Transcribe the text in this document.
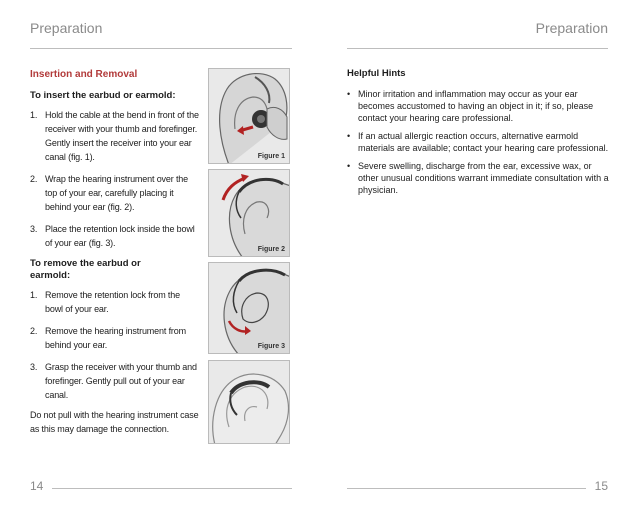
Preparation
Insertion and Removal
To insert the earbud or earmold:
1. Hold the cable at the bend in front of the receiver with your thumb and forefinger. Gently insert the receiver into your ear canal (fig. 1).
2. Wrap the hearing instrument over the top of your ear, carefully placing it behind your ear (fig. 2).
3. Place the retention lock inside the bowl of your ear (fig. 3).
To remove the earbud or earmold:
1. Remove the retention lock from the bowl of your ear.
2. Remove the hearing instrument from behind your ear.
3. Grasp the receiver with your thumb and forefinger. Gently pull out of your ear canal.
Do not pull with the hearing instrument case as this may damage the connection.
Figure 1
Figure 2
Figure 3
14
Preparation
Helpful Hints
• Minor irritation and inflammation may occur as your ear becomes accustomed to having an object in it; if so, please contact your hearing care professional.
• If an actual allergic reaction occurs, alternative earmold materials are available; contact your hearing care professional.
• Severe swelling, discharge from the ear, excessive wax, or other unusual conditions warrant immediate consultation with a physician.
15
